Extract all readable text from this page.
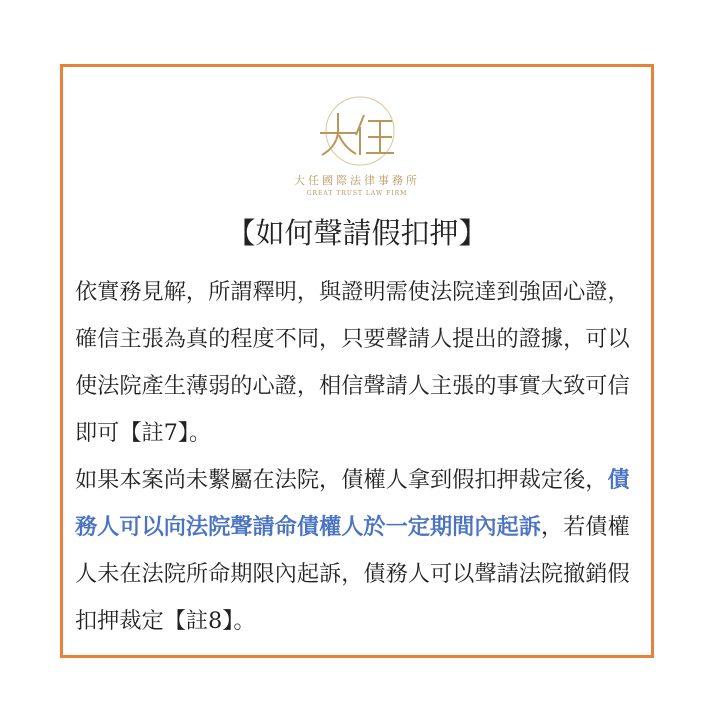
大任國際法律事務所
GREAT TRUST LAW FIRM
【如何聲請假扣押】

依實務見解，所謂釋明，與證明需使法院達到強固心證，確信主張為真的程度不同，只要聲請人提出的證據，可以使法院產生薄弱的心證，相信聲請人主張的事實大致可信即可【註7】。

如果本案尚未繫屬在法院，債權人拿到假扣押裁定後，債務人可以向法院聲請命債權人於一定期間內起訴，若債權人未在法院所命期限內起訴，債務人可以聲請法院撤銷假扣押裁定【註8】。
